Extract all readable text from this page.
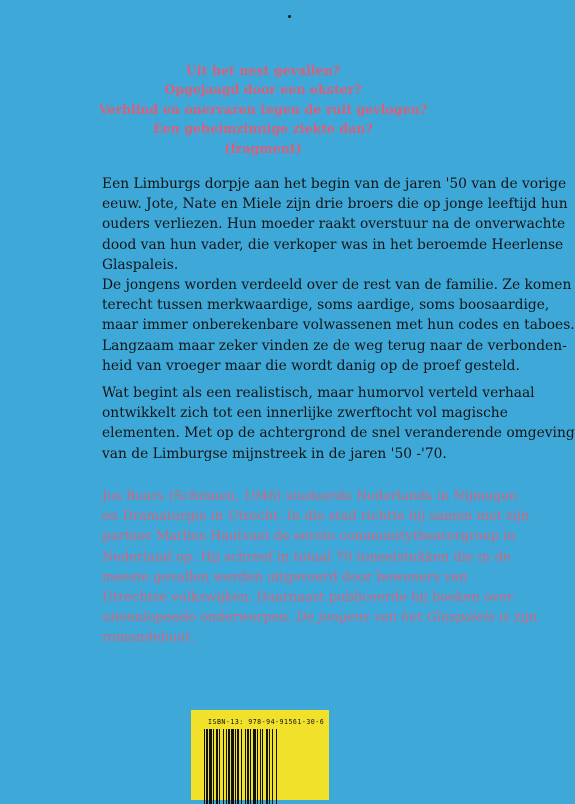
Uit het nest gevallen?
Opgejaagd door een ekster?
Verblind en onervaren tegen de ruit gevlogen?
Een geheimzinnige ziekte dan?
(fragment)
Een Limburgs dorpje aan het begin van de jaren '50 van de vorige
eeuw. Jote, Nate en Miele zijn drie broers die op jonge leeftijd hun
ouders verliezen. Hun moeder raakt overstuur na de onverwachte
dood van hun vader, die verkoper was in het beroemde Heerlense
Glaspaleis.
De jongens worden verdeeld over de rest van de familie. Ze komen
terecht tussen merkwaardige, soms aardige, soms boosaardige,
maar immer onberekenbare volwassenen met hun codes en taboes.
Langzaam maar zeker vinden ze de weg terug naar de verbonden-
heid van vroeger maar die wordt danig op de proef gesteld.
Wat begint als een realistisch, maar humorvol verteld verhaal
ontwikkelt zich tot een innerlijke zwerftocht vol magische
elementen. Met op de achtergrond de snel veranderende omgeving
van de Limburgse mijnstreek in de jaren '50 -'70.
Jos Bours (Schinnen, 1946) studeerde Nederlands in Nijmegen
en Dramaturgie in Utrecht. In die stad richtte hij samen met zijn
partner Marlies Hautvast de eerste communitytheatergroep in
Nederland op. Hij schreef in totaal 70 toneelstukken die in de
meeste gevallen werden uitgevoerd door bewoners van
Utrechtse volkswijken. Daarnaast publiceerde hij boeken over
uiteenlopende onderwerpen. De jongens van het Glaspaleis is zijn
romandebuut.
ISBN-13: 978-94-91561-30-6
